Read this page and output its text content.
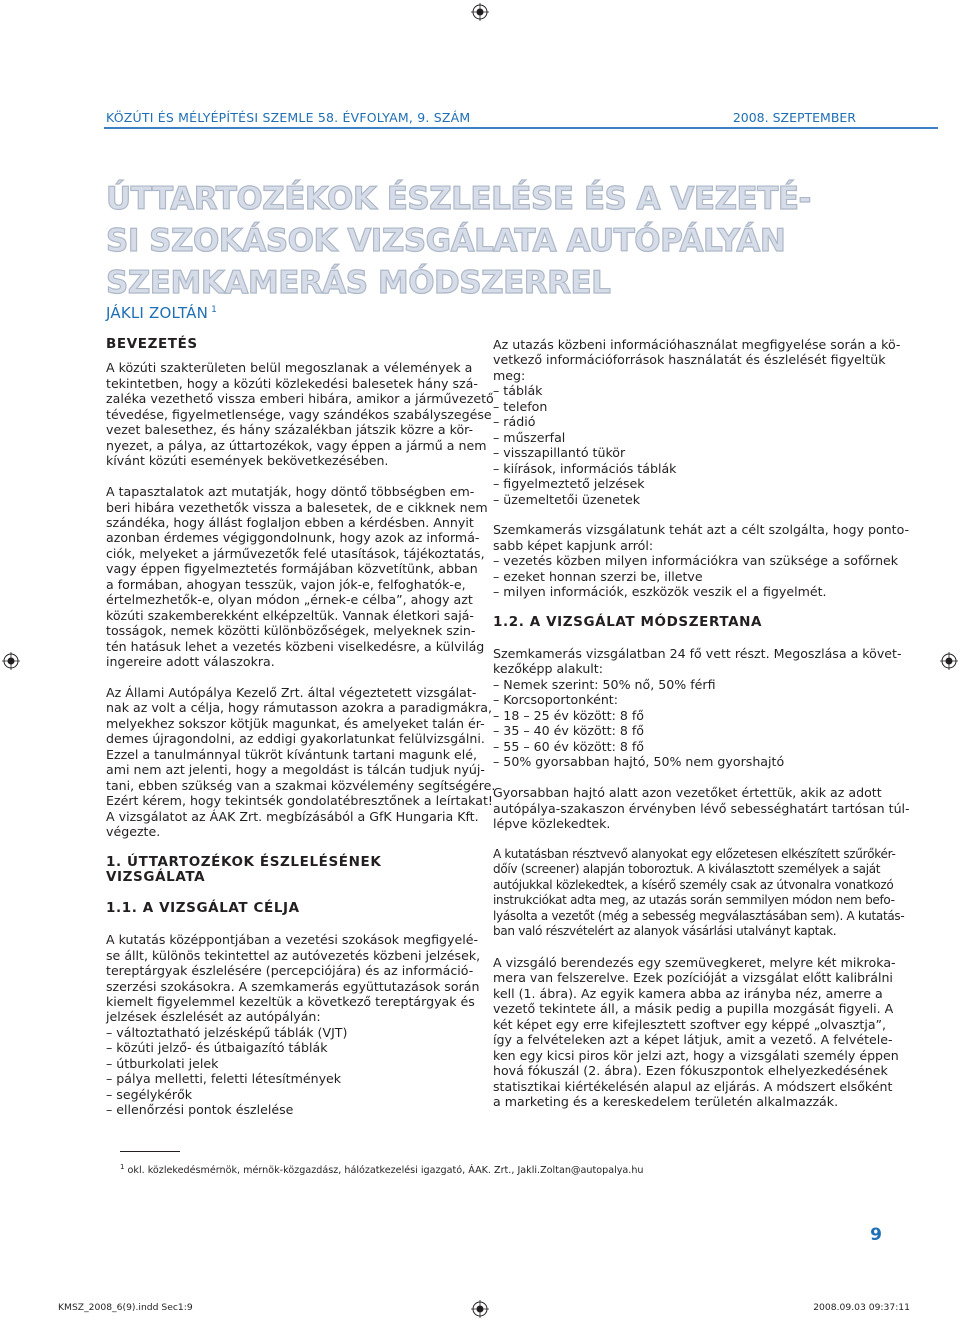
KÖZÚTI ÉS MÉLYÉPÍTÉSI SZEMLE 58. ÉVFOLYAM, 9. SZÁM	2008. SZEPTEMBER
ÚTTARTOZÉKOK ÉSZLELÉSE ÉS A VEZETÉ-
SI SZOKÁSOK VIZSGÁLATA AUTÓPÁLYÁN
SZEMKAMERÁS MÓDSZERREL
JÁKLI ZOLTÁN $^1$
BEVEZETÉS
A közúti szakterületen belül megoszlanak a vélemények a
tekintetben, hogy a közúti közlekedési balesetek hány szá-
zaléka vezethető vissza emberi hibára, amikor a járművezető
tévedése, figyelmetlensége, vagy szándékos szabályszegése
vezet balesethez, és hány százalékban játszik közre a kör-
nyezet, a pálya, az úttartozékok, vagy éppen a jármű a nem
kívánt közúti események bekövetkezésében.
A tapasztalatok azt mutatják, hogy döntő többségben em-
beri hibára vezethetők vissza a balesetek, de e cikknek nem
szándéka, hogy állást foglaljon ebben a kérdésben. Annyit
azonban érdemes végiggondolnunk, hogy azok az informá-
ciók, melyeket a járművezetők felé utasítások, tájékoztatás,
vagy éppen figyelmeztetés formájában közvetítünk, abban
a formában, ahogyan tesszük, vajon jók-e, felfoghatók-e,
értelmezhetők-e, olyan módon „érnek-e célba”, ahogy azt
közúti szakemberekként elképzeltük. Vannak életkori sajá-
tosságok, nemek közötti különbözőségek, melyeknek szin-
tén hatásuk lehet a vezetés közbeni viselkedésre, a külvilág
ingereire adott válaszokra.
Az Állami Autópálya Kezelő Zrt. által végeztetett vizsgálat-
nak az volt a célja, hogy rámutasson azokra a paradigmákra,
melyekhez sokszor kötjük magunkat, és amelyeket talán ér-
demes újragondolni, az eddigi gyakorlatunkat felülvizsgálni.
Ezzel a tanulmánnyal tükröt kívántunk tartani magunk elé,
ami nem azt jelenti, hogy a megoldást is tálcán tudjuk nyúj-
tani, ebben szükség van a szakmai közvélemény segítségére.
Ezért kérem, hogy tekintsék gondolatébresztőnek a leírtakat!
A vizsgálatot az ÁAK Zrt. megbízásából a GfK Hungaria Kft.
végezte.
1. ÚTTARTOZÉKOK ÉSZLELÉSÉNEK VIZSGÁLATA
1.1. A VIZSGÁLAT CÉLJA
A kutatás középpontjában a vezetési szokások megfigyelé-
se állt, különös tekintettel az autóvezetés közbeni jelzések,
tereptárgyak észlelésére (percepciójára) és az információ-
szerzési szokásokra. A szemkamerás együttutazások során
kiemelt figyelemmel kezeltük a következő tereptárgyak és
jelzések észlelését az autópályán:
– változtatható jelzésképű táblák (VJT)
– közúti jelző- és útbaigazító táblák
– útburkolati jelek
– pálya melletti, feletti létesítmények
– segélykérők
– ellenőrzési pontok észlelése
Az utazás közbeni információhasználat megfigyelése során a kö-
vetkező információforrások használatát és észlelését figyeltük
meg:
– táblák
– telefon
– rádió
– műszerfal
– visszapillantó tükör
– kiírások, információs táblák
– figyelmeztető jelzések
– üzemeltetői üzenetek
Szemkamerás vizsgálatunk tehát azt a célt szolgálta, hogy ponto-
sabb képet kapjunk arról:
– vezetés közben milyen információkra van szüksége a sofőrnek
– ezeket honnan szerzi be, illetve
– milyen információk, eszközök veszik el a figyelmét.
1.2. A VIZSGÁLAT MÓDSZERTANA
Szemkamerás vizsgálatban 24 fő vett részt. Megoszlása a követ-
kezőképp alakult:
– Nemek szerint: 50% nő, 50% férfi
– Korcsoportonként:
– 18 – 25 év között: 8 fő
– 35 – 40 év között: 8 fő
– 55 – 60 év között: 8 fő
– 50% gyorsabban hajtó, 50% nem gyorshajtó
Gyorsabban hajtó alatt azon vezetőket értettük, akik az adott
autópálya-szakaszon érvényben lévő sebességhatárt tartósan túl-
lépve közlekedtek.
A kutatásban résztvevő alanyokat egy előzetesen elkészített szűrőkér-
dőív (screener) alapján toboroztuk. A kiválasztott személyek a saját
autójukkal közlekedtek, a kísérő személy csak az útvonalra vonatkozó
instrukciókat adta meg, az utazás során semmilyen módon nem befo-
lyásolta a vezetőt (még a sebesség megválasztásában sem). A kutatás-
ban való részvételért az alanyok vásárlási utalványt kaptak.
A vizsgáló berendezés egy szemüvegkeret, melyre két mikroka-
mera van felszerelve. Ezek pozícióját a vizsgálat előtt kalibrálni
kell (1. ábra). Az egyik kamera abba az irányba néz, amerre a
vezető tekintete áll, a másik pedig a pupilla mozgását figyeli. A
két képet egy erre kifejlesztett szoftver egy képpé „olvasztja”,
így a felvételeken azt a képet látjuk, amit a vezető. A felvétele-
ken egy kicsi piros kör jelzi azt, hogy a vizsgálati személy éppen
hová fókuszál (2. ábra). Ezen fókuszpontok elhelyezkedésének
statisztikai kiértékelésén alapul az eljárás. A módszert elsőként
a marketing és a kereskedelem területén alkalmazzák.
$^1$ okl. közlekedésmérnök, mérnök-közgazdász, hálózatkezelési igazgató, ÁAK. Zrt., Jakli.Zoltan@autopalya.hu
9
KMSZ_2008_6(9).indd Sec1:9	2008.09.03 09:37:11
